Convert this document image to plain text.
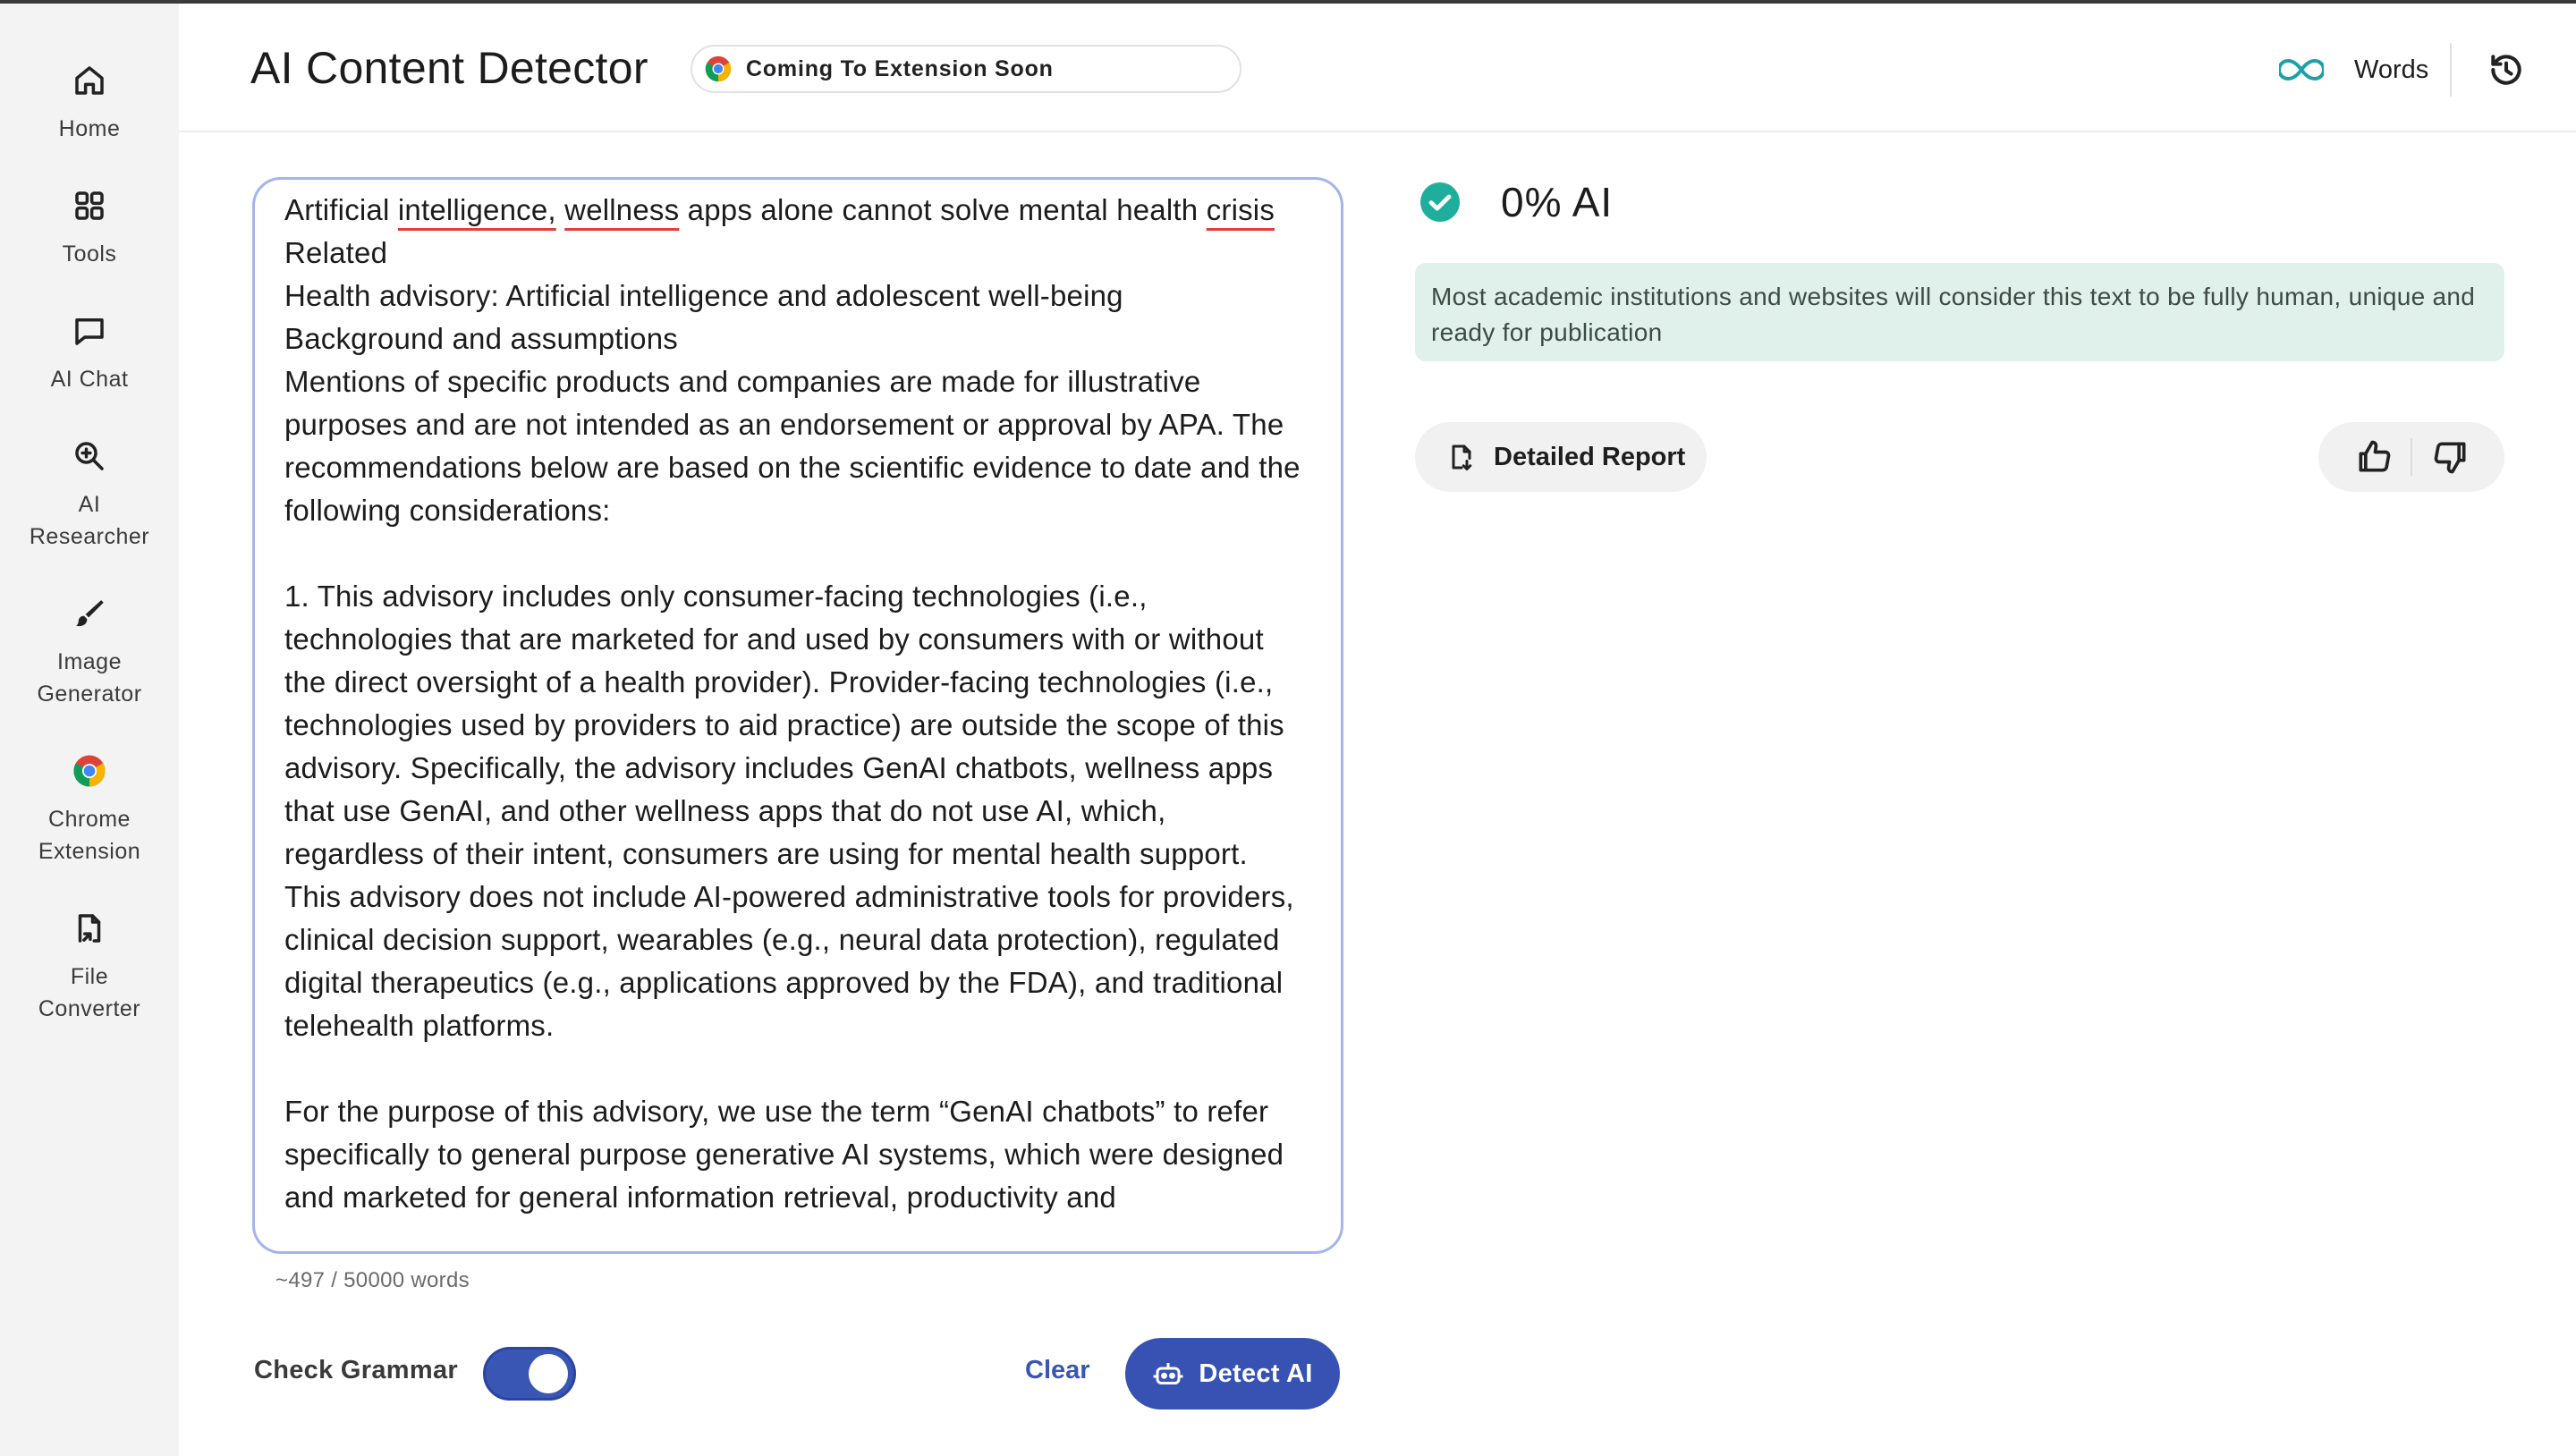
Home
Tools
AI Chat
AI
Researcher
Image
Generator
Chrome
Extension
File
Converter
AI Content Detector	Coming To Extension Soon	Words
Artificial intelligence, wellness apps alone cannot solve mental health crisis
Related
Health advisory: Artificial intelligence and adolescent well-being
Background and assumptions
Mentions of specific products and companies are made for illustrative purposes and are not intended as an endorsement or approval by APA. The recommendations below are based on the scientific evidence to date and the following considerations:

1. This advisory includes only consumer-facing technologies (i.e., technologies that are marketed for and used by consumers with or without the direct oversight of a health provider). Provider-facing technologies (i.e., technologies used by providers to aid practice) are outside the scope of this advisory. Specifically, the advisory includes GenAI chatbots, wellness apps that use GenAI, and other wellness apps that do not use AI, which, regardless of their intent, consumers are using for mental health support. This advisory does not include AI-powered administrative tools for providers, clinical decision support, wearables (e.g., neural data protection), regulated digital therapeutics (e.g., applications approved by the FDA), and traditional telehealth platforms.

For the purpose of this advisory, we use the term “GenAI chatbots” to refer specifically to general purpose generative AI systems, which were designed and marketed for general information retrieval, productivity and
~497 / 50000 words
Check Grammar	Clear	Detect AI
0% AI
Most academic institutions and websites will consider this text to be fully human, unique and ready for publication
Detailed Report
